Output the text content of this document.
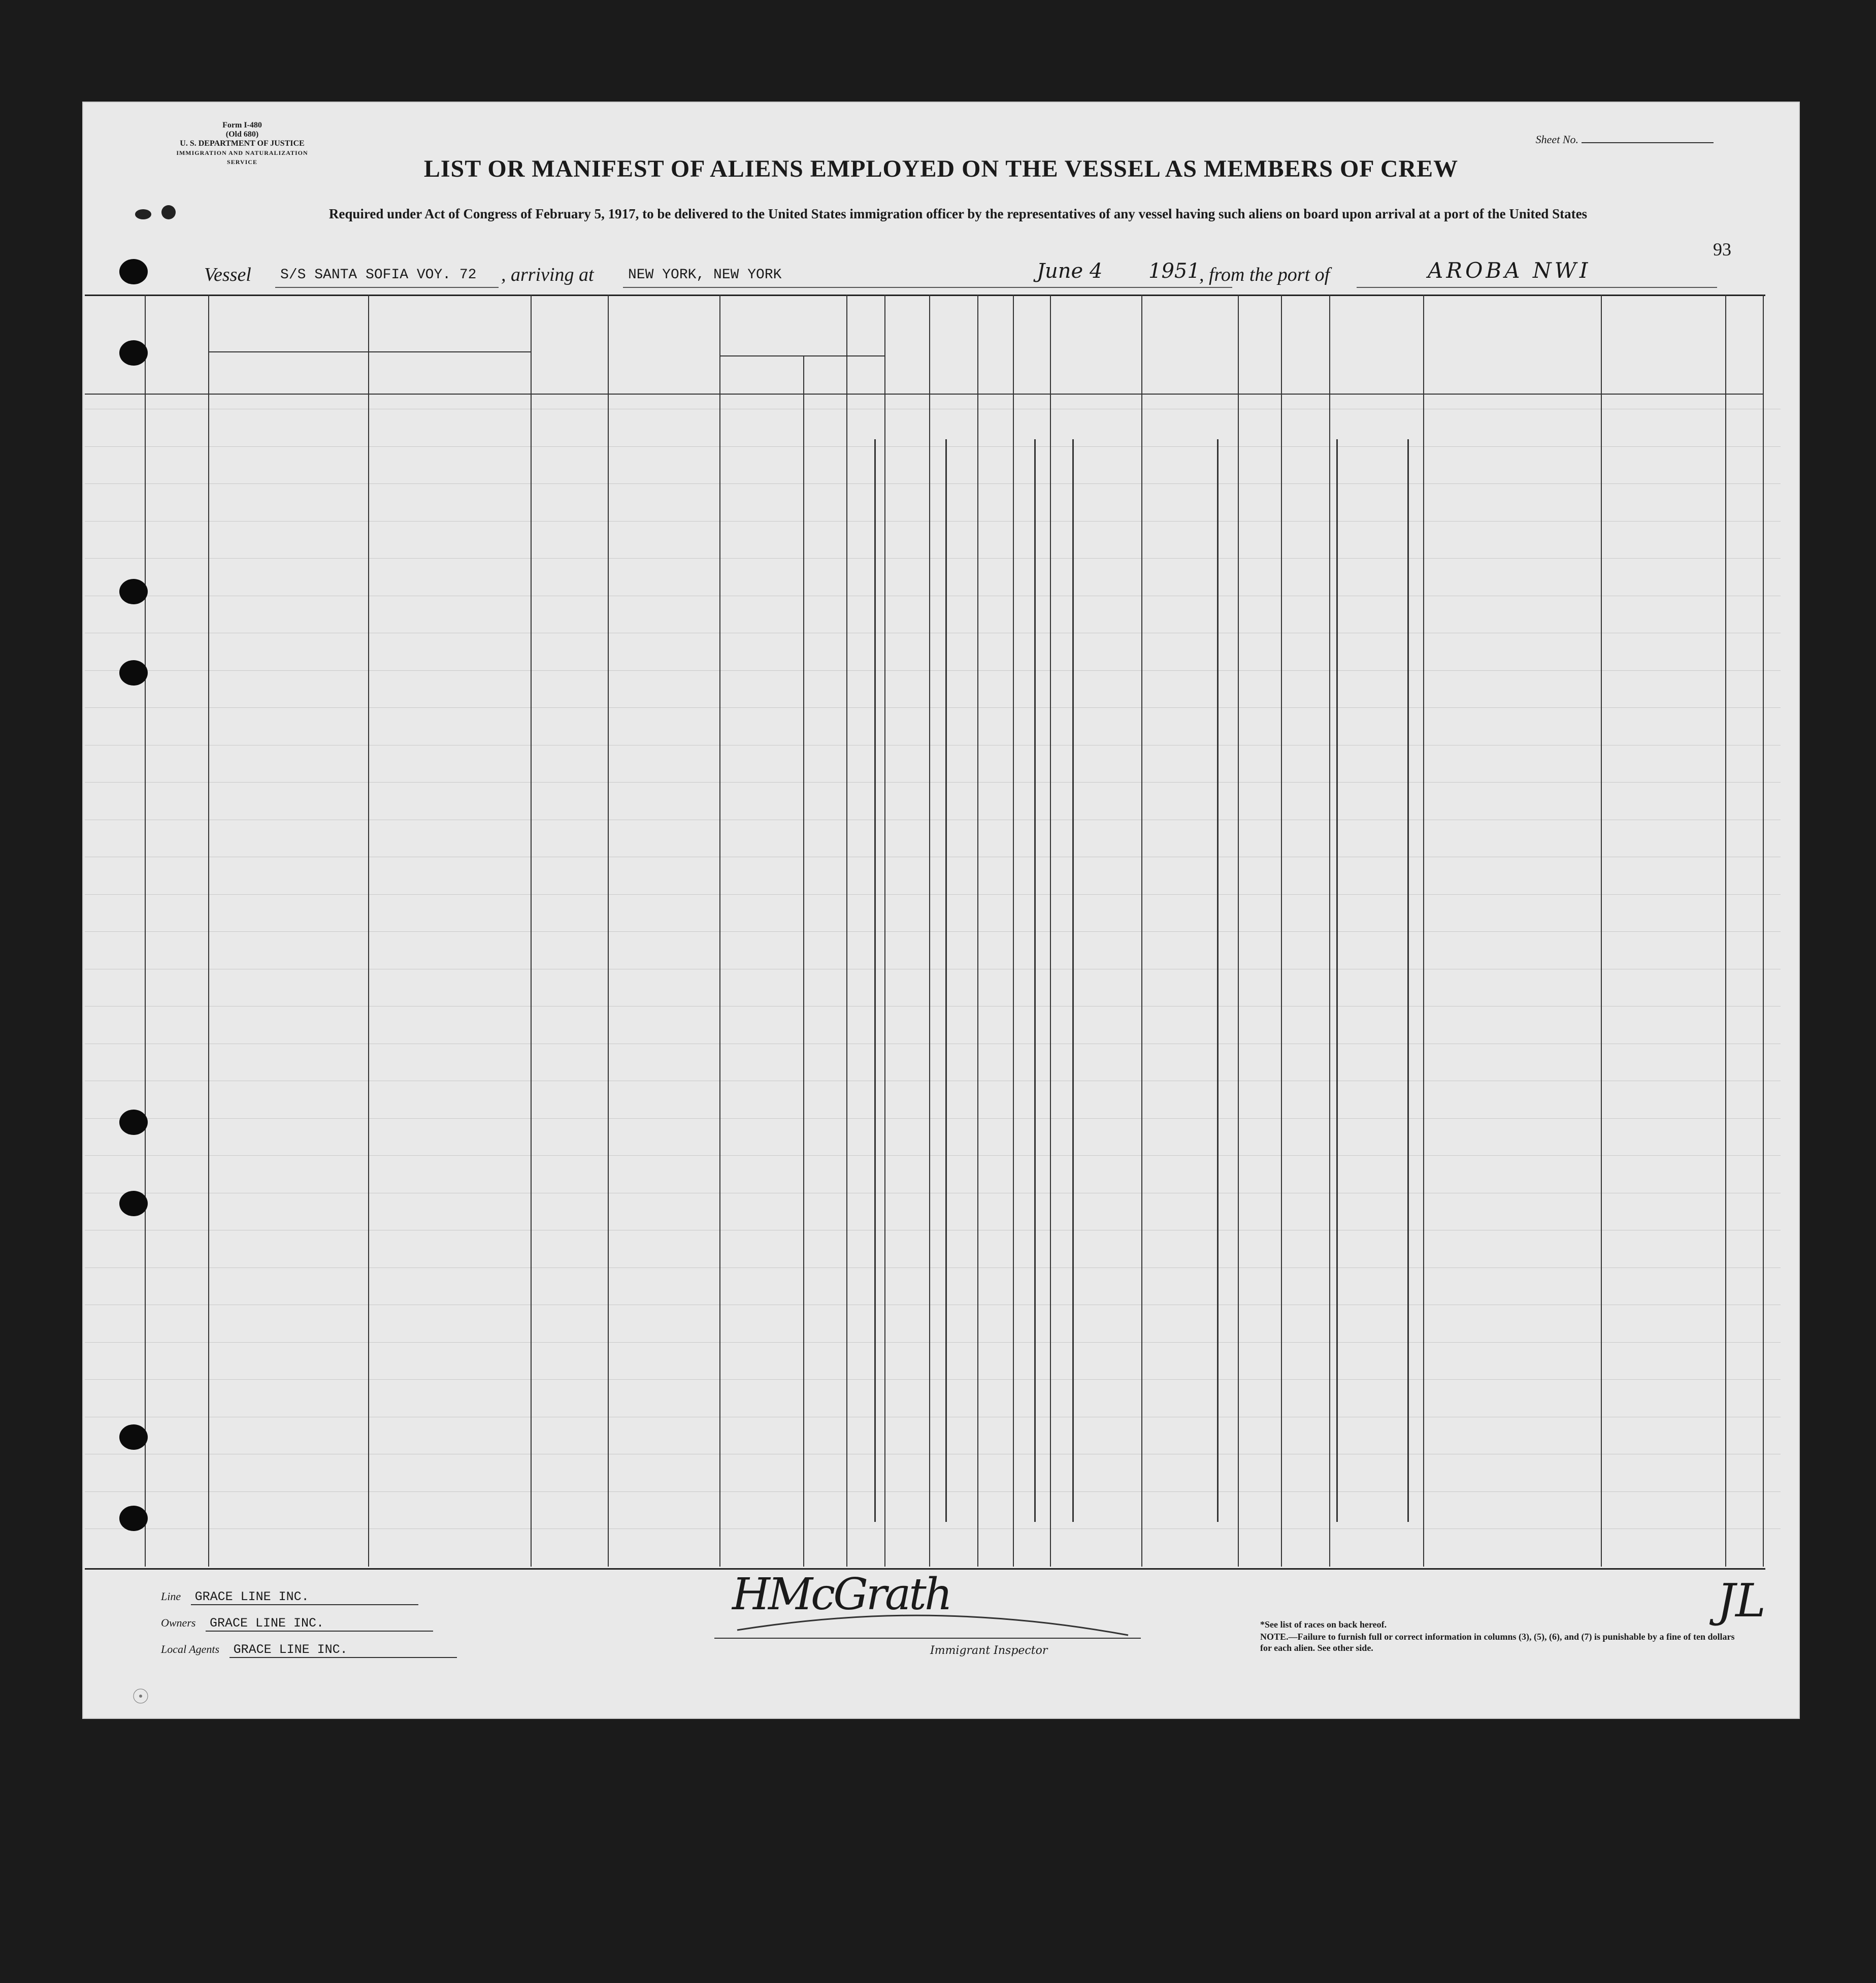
Form I-480
(Old 680)
U. S. DEPARTMENT OF JUSTICE
IMMIGRATION AND NATURALIZATION SERVICE
Sheet No.
LIST OR MANIFEST OF ALIENS EMPLOYED ON THE VESSEL AS MEMBERS OF CREW
Required under Act of Congress of February 5, 1917, to be delivered to the United States immigration officer by the representatives of any vessel having such aliens on board upon arrival at a port of the United States
93
Vessel S/S SANTA SOFIA VOY. 72 , arriving at NEW YORK, NEW YORK	June 4 1951
, from the port of	AROBA NWI
Line GRACE LINE INC.
Owners GRACE LINE INC.
Local Agents GRACE LINE INC.
HMcGrath
Immigrant Inspector
JL
*See list of races on back hereof.
NOTE.—Failure to furnish full or correct information in columns (3), (5), (6), and (7) is punishable by a fine of ten dollars for each alien. See other side.
